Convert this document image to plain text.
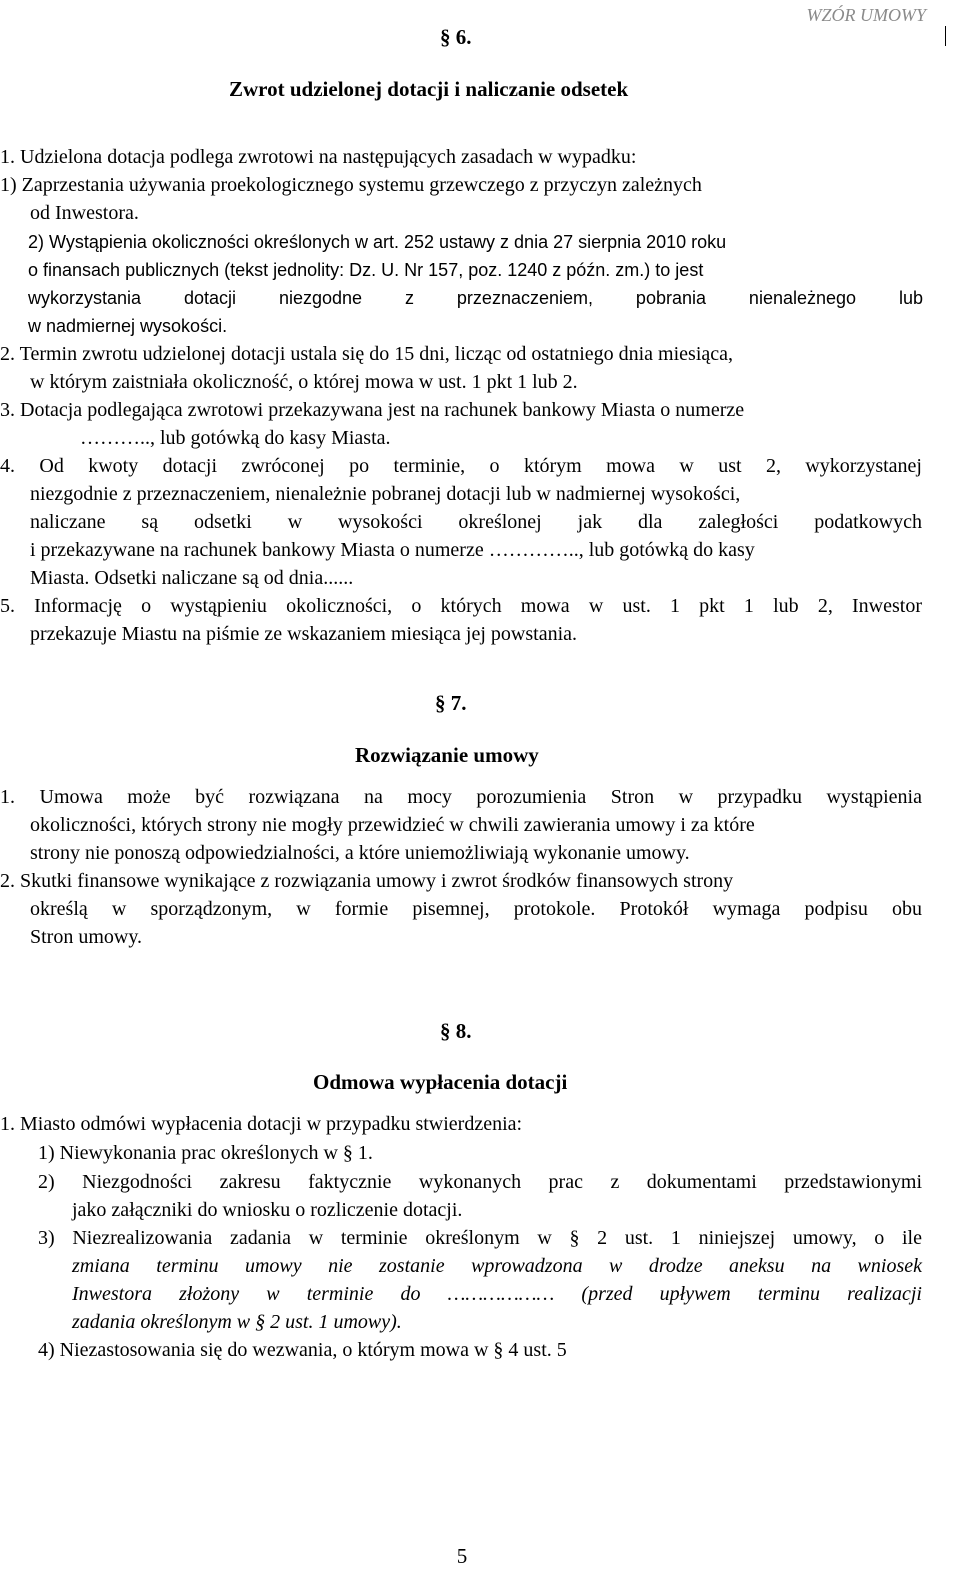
WZÓR UMOWY
§ 6.
Zwrot udzielonej dotacji i naliczanie odsetek
1. Udzielona dotacja podlega zwrotowi na następujących zasadach w wypadku:
1) Zaprzestania używania proekologicznego systemu grzewczego z przyczyn zależnych
od Inwestora.
2) Wystąpienia okoliczności określonych w art. 252 ustawy z dnia 27 sierpnia 2010 roku
o finansach publicznych (tekst jednolity: Dz. U. Nr 157, poz. 1240 z późn. zm.) to jest
wykorzystania dotacji niezgodne z przeznaczeniem, pobrania nienależnego lub
w nadmiernej wysokości.
2. Termin zwrotu udzielonej dotacji ustala się do 15 dni, licząc od ostatniego dnia miesiąca,
w którym zaistniała okoliczność, o której mowa w ust. 1 pkt 1 lub 2.
3. Dotacja podlegająca zwrotowi przekazywana jest na rachunek bankowy Miasta o numerze
……….., lub gotówką do kasy Miasta.
4. Od kwoty dotacji zwróconej po terminie, o którym mowa w ust 2, wykorzystanej
niezgodnie z przeznaczeniem, nienależnie pobranej dotacji lub w nadmiernej wysokości,
naliczane są odsetki w wysokości określonej jak dla zaległości podatkowych
i przekazywane na rachunek bankowy Miasta o numerze ………….., lub gotówką do kasy
Miasta. Odsetki naliczane są od dnia......
5. Informację o wystąpieniu okoliczności, o których mowa w ust. 1 pkt 1 lub 2, Inwestor
przekazuje Miastu na piśmie ze wskazaniem miesiąca jej powstania.
§ 7.
Rozwiązanie umowy
1. Umowa może być rozwiązana na mocy porozumienia Stron w przypadku wystąpienia
okoliczności, których strony nie mogły przewidzieć w chwili zawierania umowy i za które
strony nie ponoszą odpowiedzialności, a które uniemożliwiają wykonanie umowy.
2. Skutki finansowe wynikające z rozwiązania umowy i zwrot środków finansowych strony
określą w sporządzonym, w formie pisemnej, protokole. Protokół wymaga podpisu obu
Stron umowy.
§ 8.
Odmowa wypłacenia dotacji
1. Miasto odmówi wypłacenia dotacji w przypadku stwierdzenia:
1) Niewykonania prac określonych w § 1.
2) Niezgodności zakresu faktycznie wykonanych prac z dokumentami przedstawionymi
jako załączniki do wniosku o rozliczenie dotacji.
3) Niezrealizowania zadania w terminie określonym w § 2 ust. 1 niniejszej umowy, o ile
zmiana terminu umowy nie zostanie wprowadzona w drodze aneksu na wniosek
Inwestora złożony w terminie do ……………… (przed upływem terminu realizacji
zadania określonym w § 2 ust. 1 umowy).
4) Niezastosowania się do wezwania, o którym mowa w § 4 ust. 5
5
